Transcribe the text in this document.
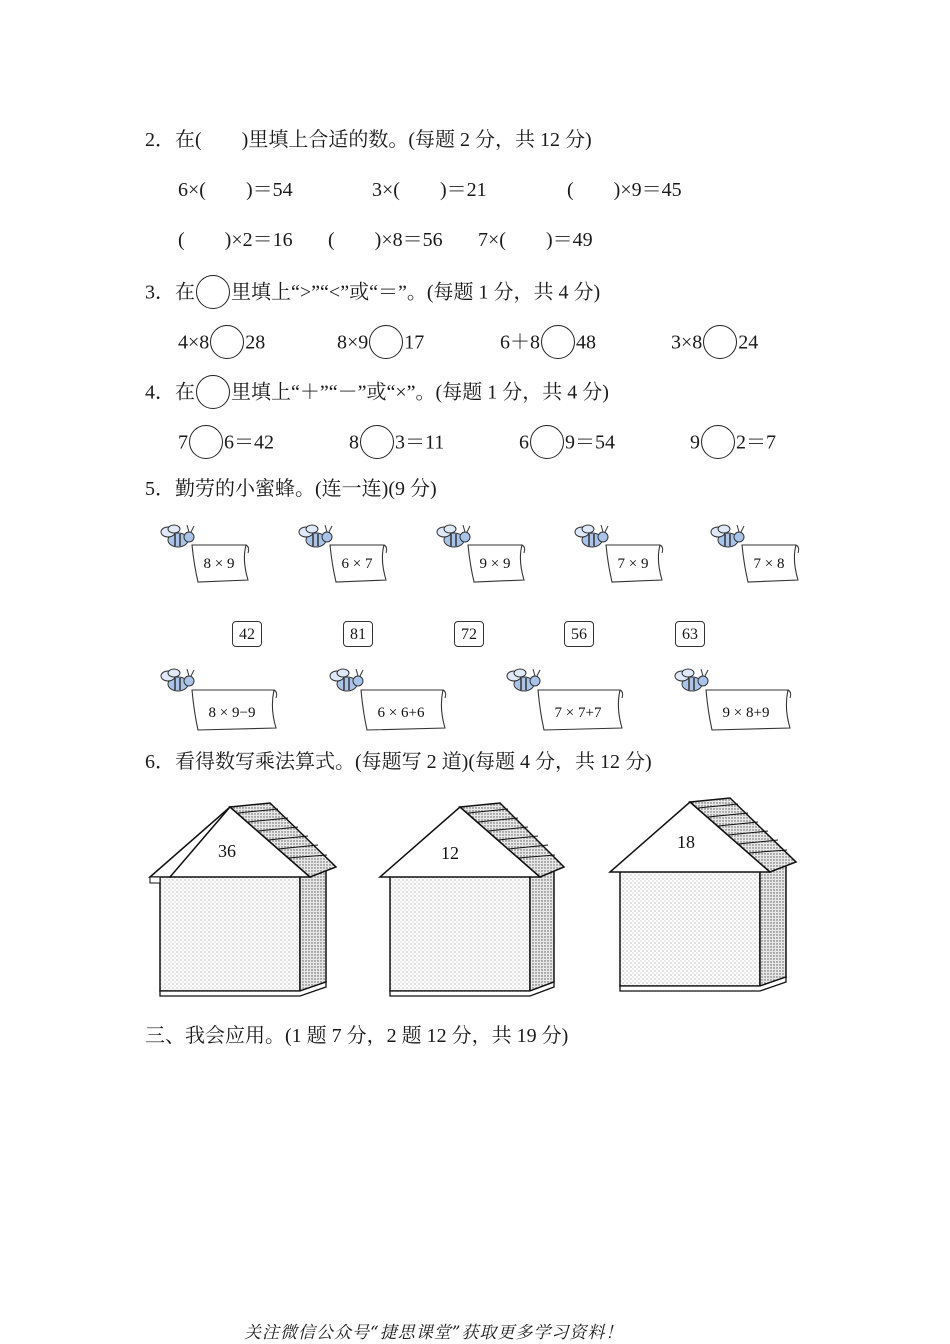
2．在(　　)里填上合适的数。(每题 2 分，共 12 分)
6×(　　)＝54	3×(　　)＝21	(　　)×9＝45
(　　)×2＝16 (　　)×8＝56 7×(　　)＝49
3．在 里填上“>”“<”或“＝”。(每题 1 分，共 4 分)
4×8 28	8×9 17	6＋8 48	3×8 24
4．在 里填上“＋”“－”或“×”。(每题 1 分，共 4 分)
7 6＝42	8 3＝11	6 9＝54	9 2＝7
5．勤劳的小蜜蜂。(连一连)(9 分)
8 × 9	6 × 7	9 × 9	7 × 9	7 × 8
42	81	72	56	63
8 × 9−9	6 × 6+6	7 × 7+7	9 × 8+9
6．看得数写乘法算式。(每题写 2 道)(每题 4 分，共 12 分)
36	12
18
三、我会应用。(1 题 7 分，2 题 12 分，共 19 分)
关注微信公众号“捷思课堂”获取更多学习资料！
